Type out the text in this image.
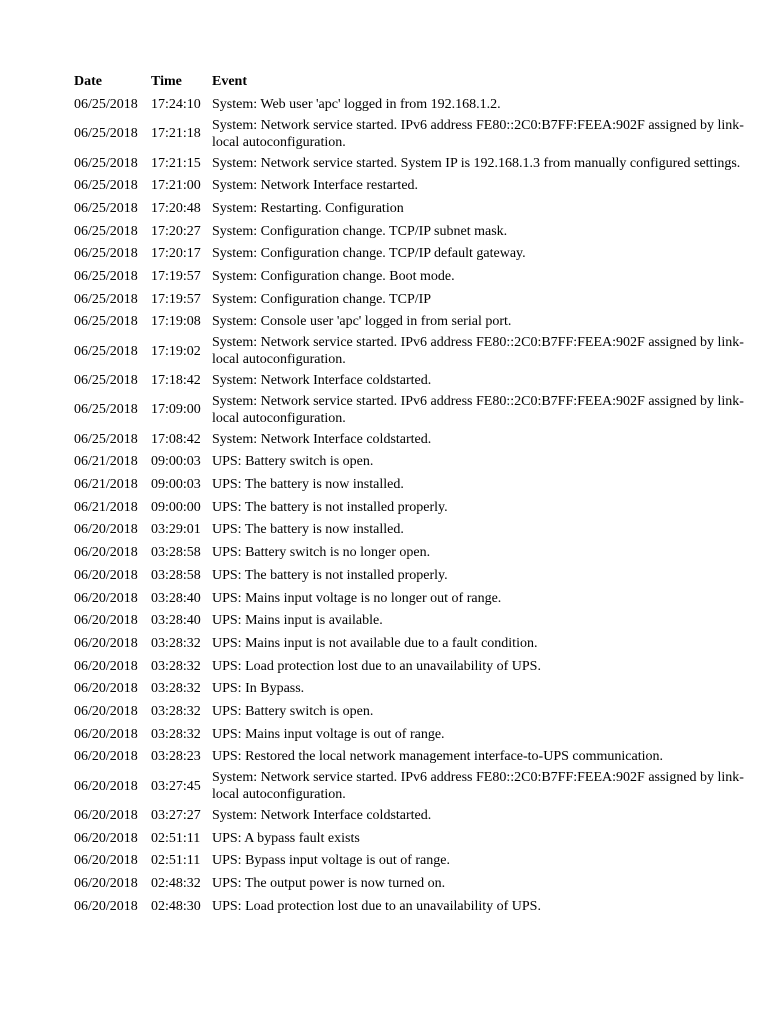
Date	Time	Event
06/25/2018	17:24:10	System: Web user 'apc' logged in from 192.168.1.2.
06/25/2018	17:21:18	System: Network service started. IPv6 address FE80::2C0:B7FF:FEEA:902F assigned by link-local autoconfiguration.
06/25/2018	17:21:15	System: Network service started. System IP is 192.168.1.3 from manually configured settings.
06/25/2018	17:21:00	System: Network Interface restarted.
06/25/2018	17:20:48	System: Restarting. Configuration
06/25/2018	17:20:27	System: Configuration change. TCP/IP subnet mask.
06/25/2018	17:20:17	System: Configuration change. TCP/IP default gateway.
06/25/2018	17:19:57	System: Configuration change. Boot mode.
06/25/2018	17:19:57	System: Configuration change. TCP/IP
06/25/2018	17:19:08	System: Console user 'apc' logged in from serial port.
06/25/2018	17:19:02	System: Network service started. IPv6 address FE80::2C0:B7FF:FEEA:902F assigned by link-local autoconfiguration.
06/25/2018	17:18:42	System: Network Interface coldstarted.
06/25/2018	17:09:00	System: Network service started. IPv6 address FE80::2C0:B7FF:FEEA:902F assigned by link-local autoconfiguration.
06/25/2018	17:08:42	System: Network Interface coldstarted.
06/21/2018	09:00:03	UPS: Battery switch is open.
06/21/2018	09:00:03	UPS: The battery is now installed.
06/21/2018	09:00:00	UPS: The battery is not installed properly.
06/20/2018	03:29:01	UPS: The battery is now installed.
06/20/2018	03:28:58	UPS: Battery switch is no longer open.
06/20/2018	03:28:58	UPS: The battery is not installed properly.
06/20/2018	03:28:40	UPS: Mains input voltage is no longer out of range.
06/20/2018	03:28:40	UPS: Mains input is available.
06/20/2018	03:28:32	UPS: Mains input is not available due to a fault condition.
06/20/2018	03:28:32	UPS: Load protection lost due to an unavailability of UPS.
06/20/2018	03:28:32	UPS: In Bypass.
06/20/2018	03:28:32	UPS: Battery switch is open.
06/20/2018	03:28:32	UPS: Mains input voltage is out of range.
06/20/2018	03:28:23	UPS: Restored the local network management interface-to-UPS communication.
06/20/2018	03:27:45	System: Network service started. IPv6 address FE80::2C0:B7FF:FEEA:902F assigned by link-local autoconfiguration.
06/20/2018	03:27:27	System: Network Interface coldstarted.
06/20/2018	02:51:11	UPS: A bypass fault exists
06/20/2018	02:51:11	UPS: Bypass input voltage is out of range.
06/20/2018	02:48:32	UPS: The output power is now turned on.
06/20/2018	02:48:30	UPS: Load protection lost due to an unavailability of UPS.
